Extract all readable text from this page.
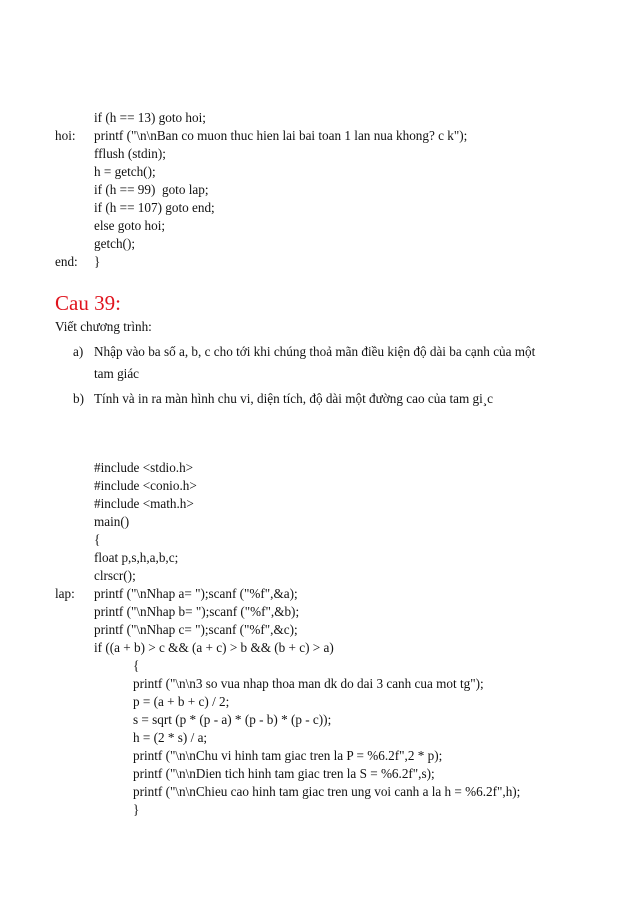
if (h == 13) goto hoi;
hoi: printf ("\n\nBan co muon thuc hien lai bai toan 1 lan nua khong? c k");
fflush (stdin);
h = getch();
if (h == 99)  goto lap;
if (h == 107) goto end;
else goto hoi;
getch();
end: }
Cau 39:
Viết chương trình:
a) Nhập vào ba số a, b, c cho tới khi chúng thoả mãn điều kiện độ dài ba cạnh của một
tam giác
b) Tính và in ra màn hình chu vi, diện tích, độ dài một đường cao của tam gi¸c
#include <stdio.h>
#include <conio.h>
#include <math.h>
main()
{
float p,s,h,a,b,c;
clrscr();
lap: printf ("\nNhap a= ");scanf ("%f",&a);
printf ("\nNhap b= ");scanf ("%f",&b);
printf ("\nNhap c= ");scanf ("%f",&c);
if ((a + b) > c && (a + c) > b && (b + c) > a)
{
printf ("\n\n3 so vua nhap thoa man dk do dai 3 canh cua mot tg");
p = (a + b + c) / 2;
s = sqrt (p * (p - a) * (p - b) * (p - c));
h = (2 * s) / a;
printf ("\n\nChu vi hinh tam giac tren la P = %6.2f",2 * p);
printf ("\n\nDien tich hinh tam giac tren la S = %6.2f",s);
printf ("\n\nChieu cao hinh tam giac tren ung voi canh a la h = %6.2f",h);
}
